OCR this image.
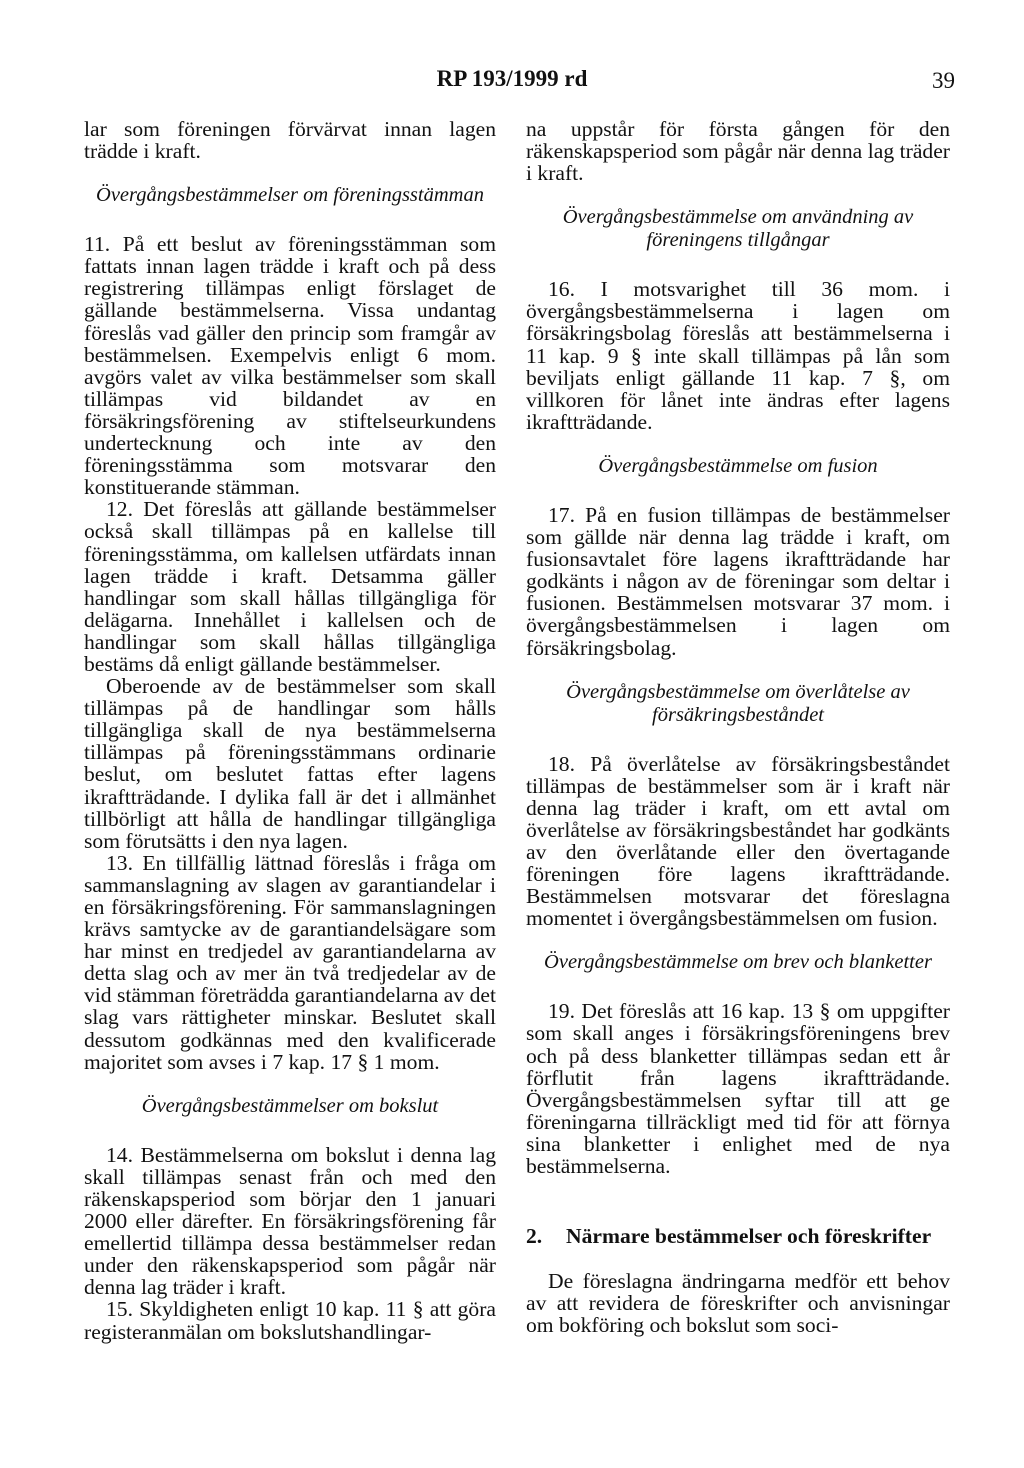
RP 193/1999 rd	39

lar som föreningen förvärvat innan lagen trädde i kraft.

Övergångsbestämmelser om föreningsstämman

11. På ett beslut av föreningsstämman som fattats innan lagen trädde i kraft och på dess registrering tillämpas enligt förslaget de gällande bestämmelserna. Vissa undantag föreslås vad gäller den princip som framgår av bestämmelsen. Exempelvis enligt 6 mom. avgörs valet av vilka bestämmelser som skall tillämpas vid bildandet av en försäkringsförening av stiftelseurkundens undertecknung och inte av den föreningsstämma som motsvarar den konstituerande stämman.

12. Det föreslås att gällande bestämmelser också skall tillämpas på en kallelse till föreningsstämma, om kallelsen utfärdats innan lagen trädde i kraft. Detsamma gäller handlingar som skall hållas tillgängliga för delägarna. Innehållet i kallelsen och de handlingar som skall hållas tillgängliga bestäms då enligt gällande bestämmelser.

Oberoende av de bestämmelser som skall tillämpas på de handlingar som hålls tillgängliga skall de nya bestämmelserna tillämpas på föreningsstämmans ordinarie beslut, om beslutet fattas efter lagens ikraftträdande. I dylika fall är det i allmänhet tillbörligt att hålla de handlingar tillgängliga som förutsätts i den nya lagen.

13. En tillfällig lättnad föreslås i fråga om sammanslagning av slagen av garantiandelar i en försäkringsförening. För sammanslagningen krävs samtycke av de garantiandelsägare som har minst en tredjedel av garantiandelarna av detta slag och av mer än två tredjedelar av de vid stämman företrädda garantiandelarna av det slag vars rättigheter minskar. Beslutet skall dessutom godkännas med den kvalificerade majoritet som avses i 7 kap. 17 § 1 mom.

Övergångsbestämmelser om bokslut

14. Bestämmelserna om bokslut i denna lag skall tillämpas senast från och med den räkenskapsperiod som börjar den 1 januari 2000 eller därefter. En försäkringsförening får emellertid tillämpa dessa bestämmelser redan under den räkenskapsperiod som pågår när denna lag träder i kraft.

15. Skyldigheten enligt 10 kap. 11 § att göra registeranmälan om bokslutshandlingar-

na uppstår för första gången för den räkenskapsperiod som pågår när denna lag träder i kraft.

Övergångsbestämmelse om användning av föreningens tillgångar

16. I motsvarighet till 36 mom. i övergångsbestämmelserna i lagen om försäkringsbolag föreslås att bestämmelserna i 11 kap. 9 § inte skall tillämpas på lån som beviljats enligt gällande 11 kap. 7 §, om villkoren för lånet inte ändras efter lagens ikraftträdande.

Övergångsbestämmelse om fusion

17. På en fusion tillämpas de bestämmelser som gällde när denna lag trädde i kraft, om fusionsavtalet före lagens ikraftträdande har godkänts i någon av de föreningar som deltar i fusionen. Bestämmelsen motsvarar 37 mom. i övergångsbestämmelsen i lagen om försäkringsbolag.

Övergångsbestämmelse om överlåtelse av försäkringsbeståndet

18. På överlåtelse av försäkringsbeståndet tillämpas de bestämmelser som är i kraft när denna lag träder i kraft, om ett avtal om överlåtelse av försäkringsbeståndet har godkänts av den överlåtande eller den övertagande föreningen före lagens ikraftträdande. Bestämmelsen motsvarar det föreslagna momentet i övergångsbestämmelsen om fusion.

Övergångsbestämmelse om brev och blanketter

19. Det föreslås att 16 kap. 13 § om uppgifter som skall anges i försäkringsföreningens brev och på dess blanketter tillämpas sedan ett år förflutit från lagens ikraftträdande. Övergångsbestämmelsen syftar till att ge föreningarna tillräckligt med tid för att förnya sina blanketter i enlighet med de nya bestämmelserna.

2.	Närmare bestämmelser och föreskrifter

De föreslagna ändringarna medför ett behov av att revidera de föreskrifter och anvisningar om bokföring och bokslut som soci-
